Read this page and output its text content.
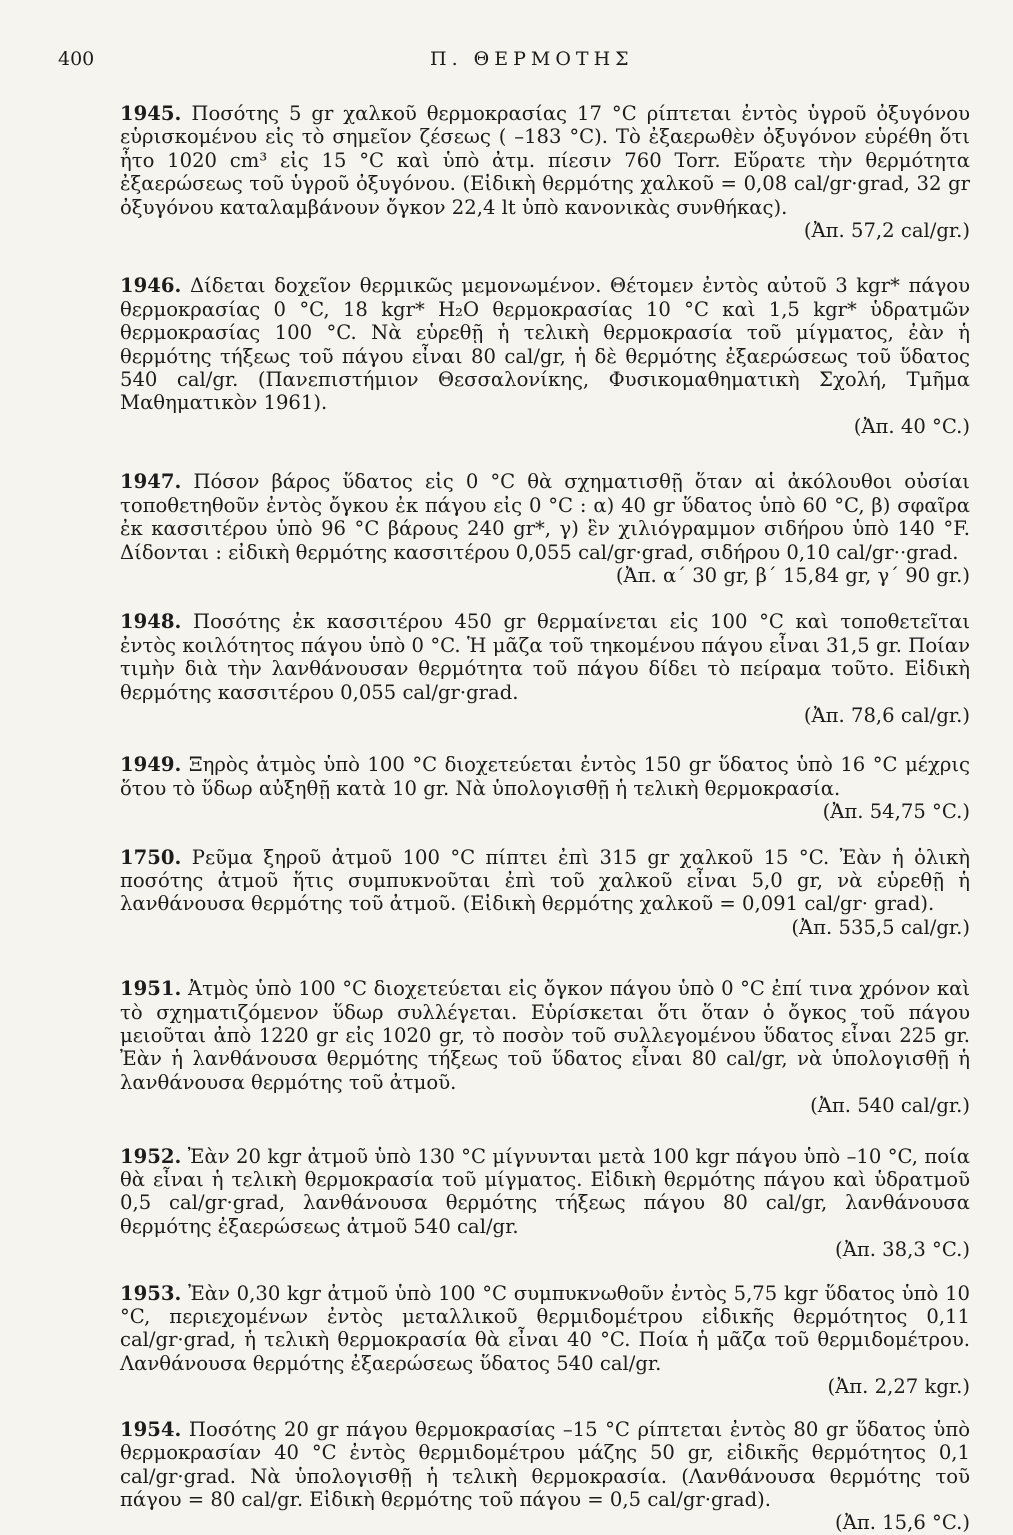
400	Π. ΘΕΡΜΟΤΗΣ

1945. Ποσότης 5 gr χαλκοῦ θερμοκρασίας 17 °C ρίπτεται ἐντὸς ὑγροῦ ὀξυγόνου εὑρισκομένου εἰς τὸ σημεῖον ζέσεως ( –183 °C). Τὸ ἐξαερωθὲν ὀξυγόνον εὑρέθη ὅτι ἦτο 1020 cm³ εἰς 15 °C καὶ ὑπὸ ἀτμ. πίεσιν 760 Torr. Εὕρατε τὴν θερμότητα ἐξαερώσεως τοῦ ὑγροῦ ὀξυγόνου. (Εἰδικὴ θερμότης χαλκοῦ = 0,08 cal/gr·grad, 32 gr ὀξυγόνου καταλαμβάνουν ὄγκον 22,4 lt ὑπὸ κανονικὰς συνθήκας).

(Ἀπ. 57,2 cal/gr.)

1946. Δίδεται δοχεῖον θερμικῶς μεμονωμένον. Θέτομεν ἐντὸς αὐτοῦ 3 kgr* πάγου θερμοκρασίας 0 °C, 18 kgr* H₂O θερμοκρασίας 10 °C καὶ 1,5 kgr* ὑδρατμῶν θερμοκρασίας 100 °C. Νὰ εὑρεθῇ ἡ τελικὴ θερμοκρασία τοῦ μίγματος, ἐὰν ἡ θερμότης τήξεως τοῦ πάγου εἶναι 80 cal/gr, ἡ δὲ θερμότης ἐξαερώσεως τοῦ ὕδατος 540 cal/gr. (Πανεπιστήμιον Θεσσαλονίκης, Φυσικομαθηματικὴ Σχολή, Τμῆμα Μαθηματικὸν 1961).

(Ἀπ. 40 °C.)

1947. Πόσον βάρος ὕδατος εἰς 0 °C θὰ σχηματισθῇ ὅταν αἱ ἀκόλουθοι οὐσίαι τοποθετηθοῦν ἐντὸς ὄγκου ἐκ πάγου εἰς 0 °C : α) 40 gr ὕδατος ὑπὸ 60 °C, β) σφαῖρα ἐκ κασσιτέρου ὑπὸ 96 °C βάρους 240 gr*, γ) ἓν χιλιόγραμμον σιδήρου ὑπὸ 140 °F. Δίδονται : εἰδικὴ θερμότης κασσιτέρου 0,055 cal/gr·grad, σιδήρου 0,10 cal/gr··grad.

(Ἀπ. α΄ 30 gr, β΄ 15,84 gr, γ΄ 90 gr.)

1948. Ποσότης ἐκ κασσιτέρου 450 gr θερμαίνεται εἰς 100 °C καὶ τοποθετεῖται ἐντὸς κοιλότητος πάγου ὑπὸ 0 °C. Ἡ μᾶζα τοῦ τηκομένου πάγου εἶναι 31,5 gr. Ποίαν τιμὴν διὰ τὴν λανθάνουσαν θερμότητα τοῦ πάγου δίδει τὸ πείραμα τοῦτο. Εἰδικὴ θερμότης κασσιτέρου 0,055 cal/gr·grad.

(Ἀπ. 78,6 cal/gr.)

1949. Ξηρὸς ἀτμὸς ὑπὸ 100 °C διοχετεύεται ἐντὸς 150 gr ὕδατος ὑπὸ 16 °C μέχρις ὅτου τὸ ὕδωρ αὐξηθῇ κατὰ 10 gr. Νὰ ὑπολογισθῇ ἡ τελικὴ θερμοκρασία.

(Ἀπ. 54,75 °C.)

1750. Ρεῦμα ξηροῦ ἀτμοῦ 100 °C πίπτει ἐπὶ 315 gr χαλκοῦ 15 °C. Ἐὰν ἡ ὁλικὴ ποσότης ἀτμοῦ ἥτις συμπυκνοῦται ἐπὶ τοῦ χαλκοῦ εἶναι 5,0 gr, νὰ εὑρεθῇ ἡ λανθάνουσα θερμότης τοῦ ἀτμοῦ. (Εἰδικὴ θερμότης χαλκοῦ = 0,091 cal/gr· grad).

(Ἀπ. 535,5 cal/gr.)

1951. Ἀτμὸς ὑπὸ 100 °C διοχετεύεται εἰς ὄγκον πάγου ὑπὸ 0 °C ἐπί τινα χρόνον καὶ τὸ σχηματιζόμενον ὕδωρ συλλέγεται. Εὑρίσκεται ὅτι ὅταν ὁ ὄγκος τοῦ πάγου μειοῦται ἀπὸ 1220 gr εἰς 1020 gr, τὸ ποσὸν τοῦ συλλεγομένου ὕδατος εἶναι 225 gr. Ἐὰν ἡ λανθάνουσα θερμότης τήξεως τοῦ ὕδατος εἶναι 80 cal/gr, νὰ ὑπολογισθῇ ἡ λανθάνουσα θερμότης τοῦ ἀτμοῦ.

(Ἀπ. 540 cal/gr.)

1952. Ἐὰν 20 kgr ἀτμοῦ ὑπὸ 130 °C μίγνυνται μετὰ 100 kgr πάγου ὑπὸ –10 °C, ποία θὰ εἶναι ἡ τελικὴ θερμοκρασία τοῦ μίγματος. Εἰδικὴ θερμότης πάγου καὶ ὑδρατμοῦ 0,5 cal/gr·grad, λανθάνουσα θερμότης τήξεως πάγου 80 cal/gr, λανθάνουσα θερμότης ἐξαερώσεως ἀτμοῦ 540 cal/gr.

(Ἀπ. 38,3 °C.)

1953. Ἐὰν 0,30 kgr ἀτμοῦ ὑπὸ 100 °C συμπυκνωθοῦν ἐντὸς 5,75 kgr ὕδατος ὑπὸ 10 °C, περιεχομένων ἐντὸς μεταλλικοῦ θερμιδομέτρου εἰδικῆς θερμότητος 0,11 cal/gr·grad, ἡ τελικὴ θερμοκρασία θὰ εἶναι 40 °C. Ποία ἡ μᾶζα τοῦ θερμιδομέτρου. Λανθάνουσα θερμότης ἐξαερώσεως ὕδατος 540 cal/gr.

(Ἀπ. 2,27 kgr.)

1954. Ποσότης 20 gr πάγου θερμοκρασίας –15 °C ρίπτεται ἐντὸς 80 gr ὕδατος ὑπὸ θερμοκρασίαν 40 °C ἐντὸς θερμιδομέτρου μάζης 50 gr, εἰδικῆς θερμότητος 0,1 cal/gr·grad. Νὰ ὑπολογισθῇ ἡ τελικὴ θερμοκρασία. (Λανθάνουσα θερμότης τοῦ πάγου = 80 cal/gr. Εἰδικὴ θερμότης τοῦ πάγου = 0,5 cal/gr·grad).

(Ἀπ. 15,6 °C.)
